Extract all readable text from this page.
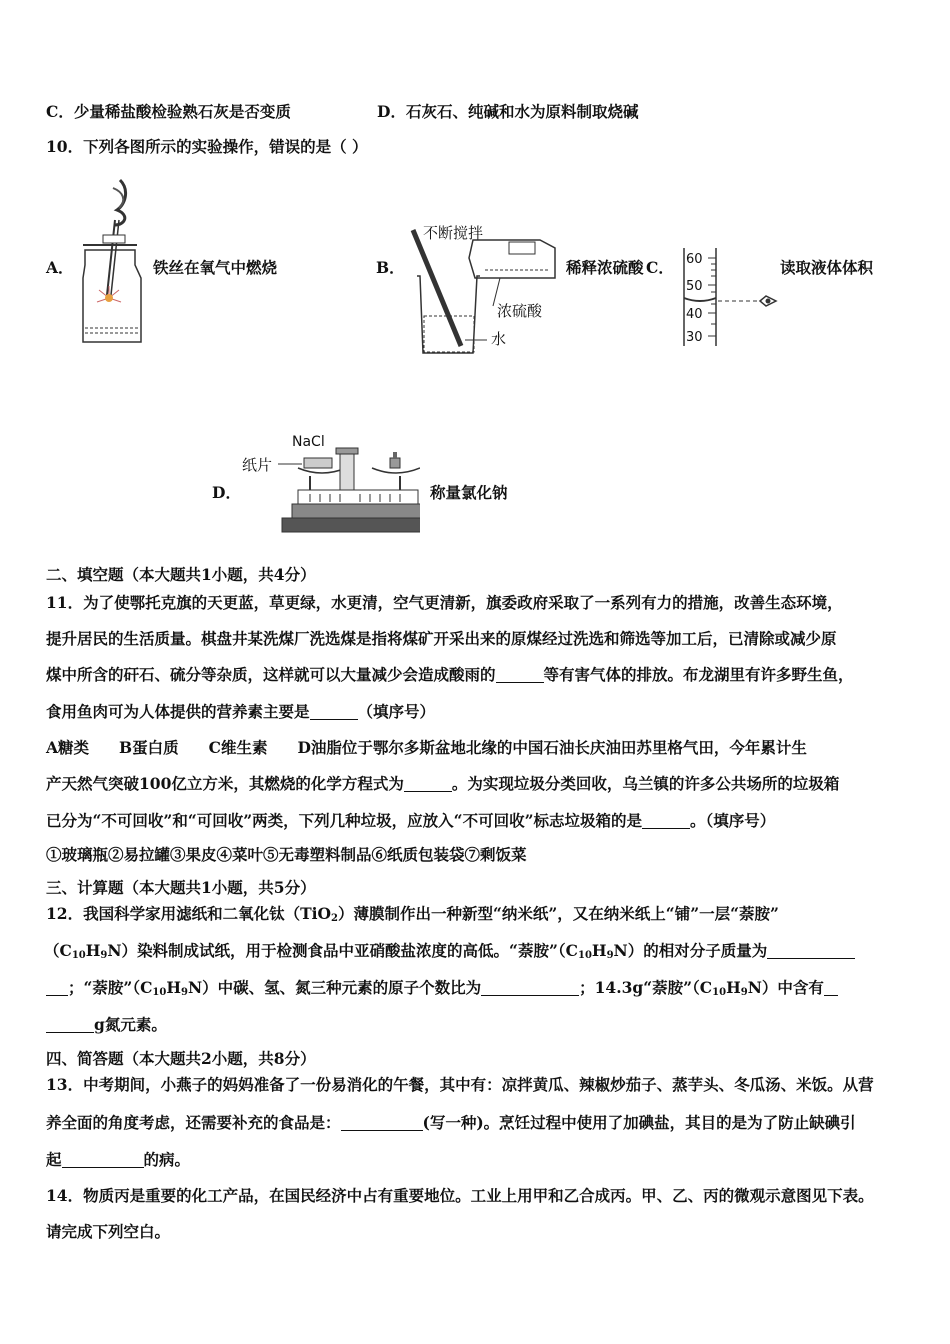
C．少量稀盐酸检验熟石灰是否变质	D．石灰石、纯碱和水为原料制取烧碱
10．下列各图所示的实验操作，错误的是（ ）
A．	铁丝在氧气中燃烧	B．
不断搅拌
浓硫酸
水
稀释浓硫酸 C． 60
50
40
30
读取液体体积
D．
NaCl
纸片
称量氯化钠
二、填空题（本大题共1小题，共4分）
11．为了使鄂托克旗的天更蓝，草更绿，水更清，空气更清新，旗委政府采取了一系列有力的措施，改善生态环境，
提升居民的生活质量。棋盘井某洗煤厂洗选煤是指将煤矿开采出来的原煤经过洗选和筛选等加工后，已清除或减少原
煤中所含的矸石、硫分等杂质，这样就可以大量减少会造成酸雨的	等有害气体的排放。布龙湖里有许多野生鱼，
食用鱼肉可为人体提供的营养素主要是	（填序号）
A糖类 B蛋白质 C维生素 D油脂位于鄂尔多斯盆地北缘的中国石油长庆油田苏里格气田，今年累计生
产天然气突破100亿立方米，其燃烧的化学方程式为	。为实现垃圾分类回收，乌兰镇的许多公共场所的垃圾箱
已分为“不可回收”和“可回收”两类，下列几种垃圾，应放入“不可回收”标志垃圾箱的是	。（填序号）
①玻璃瓶②易拉罐③果皮④菜叶⑤无毒塑料制品⑥纸质包装袋⑦剩饭菜
三、计算题（本大题共1小题，共5分）
12．我国科学家用滤纸和二氧化钛（TiO$_2$）薄膜制作出一种新型“纳米纸”，又在纳米纸上“铺”一层“萘胺”
$(C_{10}H_9N)$染料制成试纸，用于检测食品中亚硝酸盐浓度的高低。“萘胺$”(C_{10}H_9N)$的相对分子质量为
；“萘胺$”(C_{10}H_9N)$中碳、氢、氮三种元素的原子个数比为	；14.3g“萘胺$”(C_{10}H_9N)$中含有
g氮元素。
四、简答题（本大题共2小题，共8分）
13．中考期间，小燕子的妈妈准备了一份易消化的午餐，其中有：凉拌黄瓜、辣椒炒茄子、蒸芋头、冬瓜汤、米饭。从营
养全面的角度考虑，还需要补充的食品是：	(写一种)。烹饪过程中使用了加碘盐，其目的是为了防止缺碘引
起	的病。
14．物质丙是重要的化工产品，在国民经济中占有重要地位。工业上用甲和乙合成丙。甲、乙、丙的微观示意图见下表。
请完成下列空白。
